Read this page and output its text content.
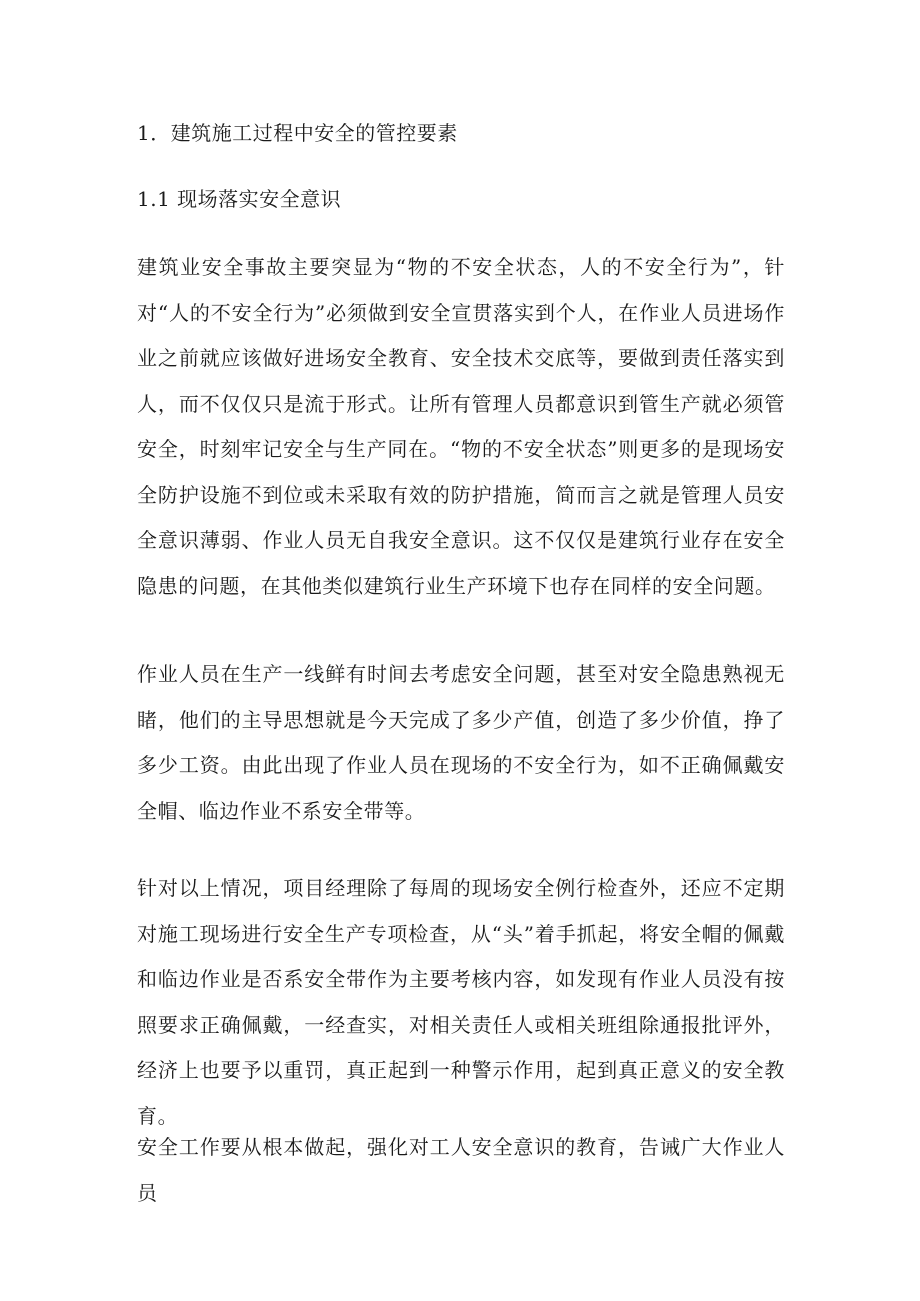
1．建筑施工过程中安全的管控要素
1.1 现场落实安全意识

建筑业安全事故主要突显为“物的不安全状态，人的不安全行为”，针对“人的不安全行为”必须做到安全宣贯落实到个人，在作业人员进场作业之前就应该做好进场安全教育、安全技术交底等，要做到责任落实到人，而不仅仅只是流于形式。让所有管理人员都意识到管生产就必须管安全，时刻牢记安全与生产同在。“物的不安全状态”则更多的是现场安全防护设施不到位或未采取有效的防护措施，简而言之就是管理人员安全意识薄弱、作业人员无自我安全意识。这不仅仅是建筑行业存在安全隐患的问题，在其他类似建筑行业生产环境下也存在同样的安全问题。

作业人员在生产一线鲜有时间去考虑安全问题，甚至对安全隐患熟视无睹，他们的主导思想就是今天完成了多少产值，创造了多少价值，挣了多少工资。由此出现了作业人员在现场的不安全行为，如不正确佩戴安全帽、临边作业不系安全带等。

针对以上情况，项目经理除了每周的现场安全例行检查外，还应不定期对施工现场进行安全生产专项检查，从“头”着手抓起，将安全帽的佩戴和临边作业是否系安全带作为主要考核内容，如发现有作业人员没有按照要求正确佩戴，一经查实，对相关责任人或相关班组除通报批评外，经济上也要予以重罚，真正起到一种警示作用，起到真正意义的安全教育。

安全工作要从根本做起，强化对工人安全意识的教育，告诫广大作业人员
